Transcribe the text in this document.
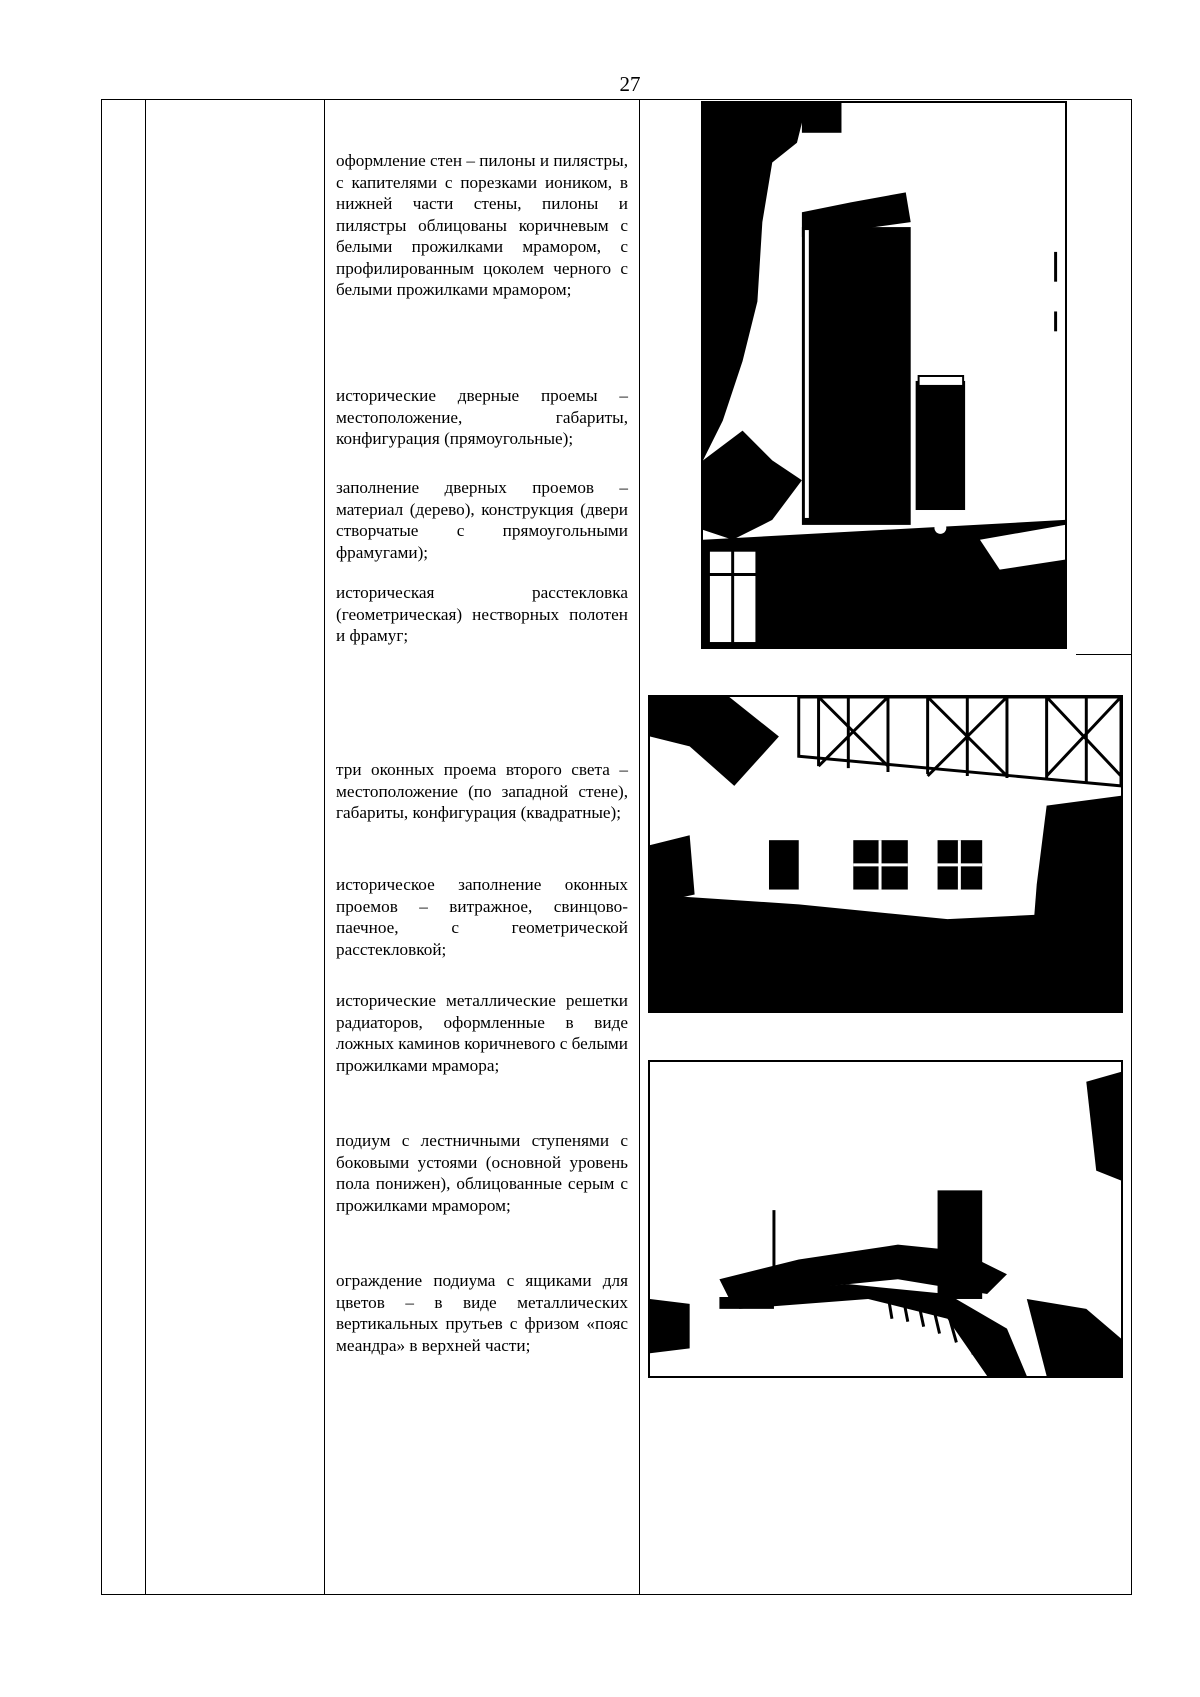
27
оформление стен – пилоны и пилястры, с капителями с порезками иоником, в нижней части стены, пилоны и пилястры облицованы коричневым с белыми прожилками мрамором, с профилированным цоколем черного с белыми прожилками мрамором;
исторические дверные проемы – местоположение, габариты, конфигурация (прямоугольные);
заполнение дверных проемов – материал (дерево), конструкция (двери створчатые с прямоугольными фрамугами);
историческая расстекловка (геометрическая) нестворных полотен и фрамуг;
три оконных проема второго света – местоположение (по западной стене), габариты, конфигурация (квадратные);
историческое заполнение оконных проемов – витражное, свинцово-паечное, с геометрической расстекловкой;
исторические металлические решетки радиаторов, оформленные в виде ложных каминов коричневого с белыми прожилками мрамора;
подиум с лестничными ступенями с боковыми устоями (основной уровень пола понижен), облицованные серым с прожилками мрамором;
ограждение подиума с ящиками для цветов – в виде металлических вертикальных прутьев с фризом «пояс меандра» в верхней части;
